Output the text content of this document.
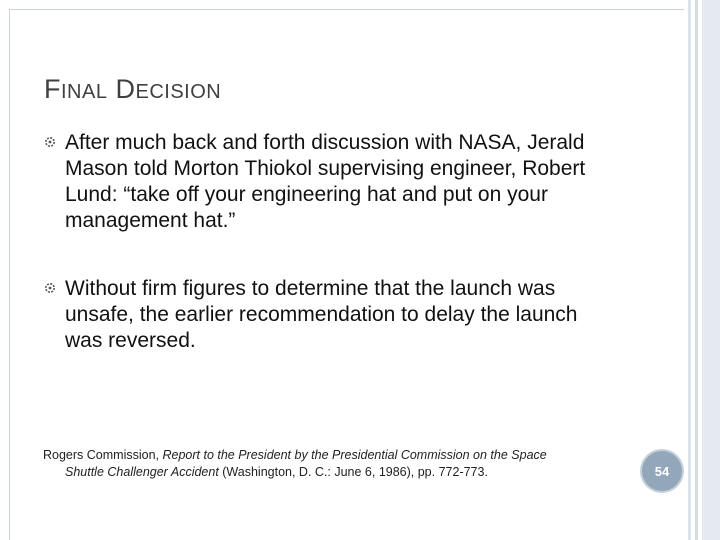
FINAL DECISION
After much back and forth discussion with NASA, Jerald Mason told Morton Thiokol supervising engineer, Robert Lund: “take off your engineering hat and put on your management hat.”
Without firm figures to determine that the launch was unsafe, the earlier recommendation to delay the launch was reversed.
Rogers Commission, Report to the President by the Presidential Commission on the Space
Shuttle Challenger Accident (Washington, D. C.: June 6, 1986), pp. 772-773.	54
